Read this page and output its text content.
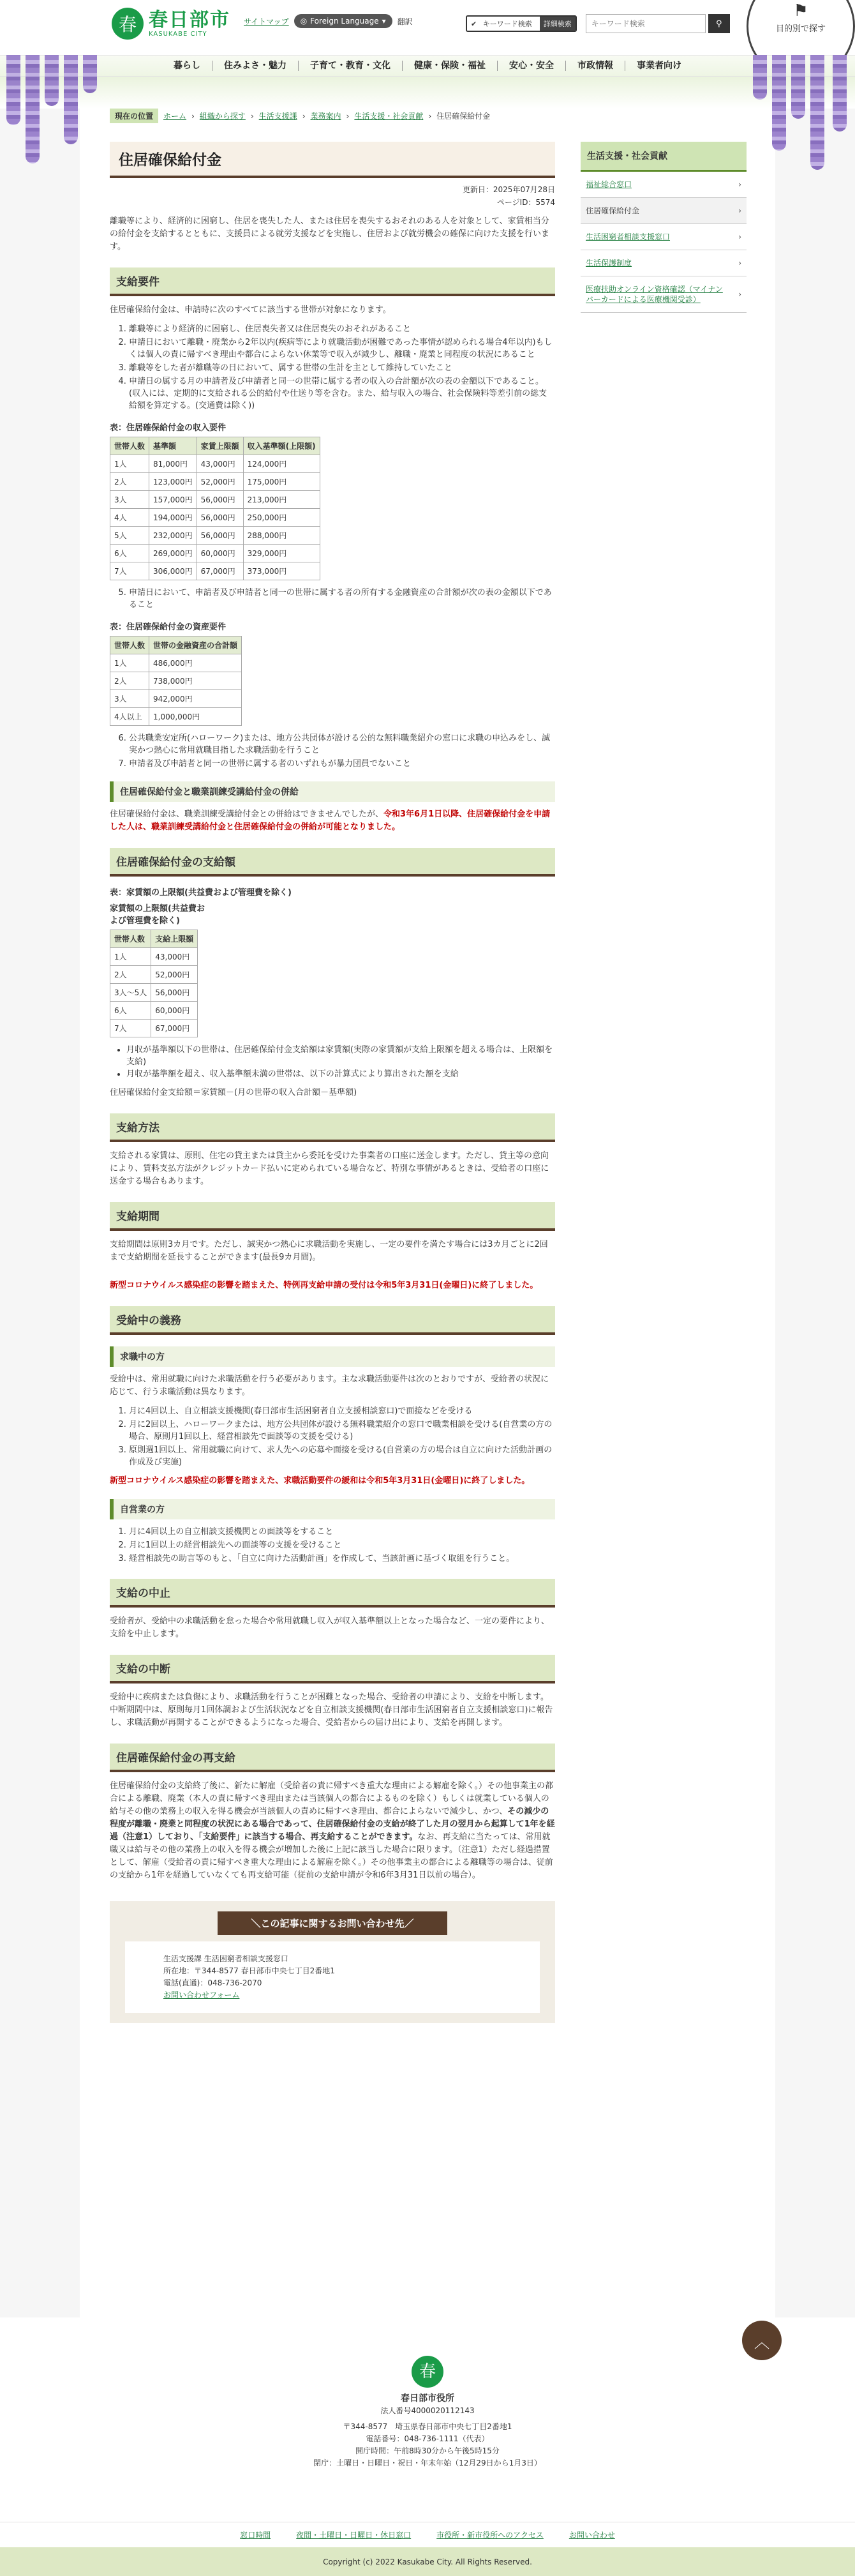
春 春日部市
KASUKABE CITY
サイトマップ ◎ Foreign Language ▾ 翻訳	✔ キーワード検索	詳細検索
キーワード検索	⚲
⚑
目的別で探す
暮らし	住みよさ・魅力	子育て・教育・文化	健康・保険・福祉	安心・安全	市政情報	事業者向け
現在の位置	ホーム › 組織から探す › 生活支援課 › 業務案内 › 生活支援・社会貢献 › 住居確保給付金
住居確保給付金
更新日：2025年07月28日
ページID：5574

離職等により、経済的に困窮し、住居を喪失した人、または住居を喪失するおそれのある人を対象として、家賃相当分の給付金を支給するとともに、支援員による就労支援などを実施し、住居および就労機会の確保に向けた支援を行います。

支給要件

住居確保給付金は、申請時に次のすべてに該当する世帯が対象になります。

1. 離職等により経済的に困窮し、住居喪失者又は住居喪失のおそれがあること
2. 申請日において離職・廃業から2年以内(疾病等により就職活動が困難であった事情が認められる場合4年以内)もしくは個人の責に帰すべき理由や都合によらない休業等で収入が減少し、離職・廃業と同程度の状況にあること
3. 離職等をした者が離職等の日において、属する世帯の生計を主として維持していたこと
4. 申請日の属する月の申請者及び申請者と同一の世帯に属する者の収入の合計額が次の表の金額以下であること。(収入には、定期的に支給される公的給付や仕送り等を含む。また、給与収入の場合、社会保険料等差引前の総支給額を算定する。(交通費は除く))
表：住居確保給付金の収入要件
世帯人数	基準額	家賃上限額	収入基準額(上限額)
1人	81,000円	43,000円	124,000円
2人	123,000円	52,000円	175,000円
3人	157,000円	56,000円	213,000円
4人	194,000円	56,000円	250,000円
5人	232,000円	56,000円	288,000円
6人	269,000円	60,000円	329,000円
7人	306,000円	67,000円	373,000円
5. 申請日において、申請者及び申請者と同一の世帯に属する者の所有する金融資産の合計額が次の表の金額以下であること
表：住居確保給付金の資産要件
世帯人数	世帯の金融資産の合計額
1人	486,000円
2人	738,000円
3人	942,000円
4人以上	1,000,000円
6. 公共職業安定所(ハローワーク)または、地方公共団体が設ける公的な無料職業紹介の窓口に求職の申込みをし、誠実かつ熱心に常用就職目指した求職活動を行うこと
7. 申請者及び申請者と同一の世帯に属する者のいずれもが暴力団員でないこと
住居確保給付金と職業訓練受講給付金の併給

住居確保給付金は、職業訓練受講給付金との併給はできませんでしたが、令和3年6月1日以降、住居確保給付金を申請した人は、職業訓練受講給付金と住居確保給付金の併給が可能となりました。

住居確保給付金の支給額
表：家賃額の上限額(共益費および管理費を除く)
家賃額の上限額(共益費および管理費を除く)
世帯人数	支給上限額
1人	43,000円
2人	52,000円
3人～5人	56,000円
6人	60,000円
7人	67,000円
• 月収が基準額以下の世帯は、住居確保給付金支給額は家賃額(実際の家賃額が支給上限額を超える場合は、上限額を支給)
• 月収が基準額を超え、収入基準額未満の世帯は、以下の計算式により算出された額を支給

住居確保給付金支給額＝家賃額－(月の世帯の収入合計額－基準額)

支給方法

支給される家賃は、原則、住宅の貸主または貸主から委託を受けた事業者の口座に送金します。ただし、貸主等の意向により、賃料支払方法がクレジットカード払いに定められている場合など、特別な事情があるときは、受給者の口座に送金する場合もあります。

支給期間

支給期間は原則3カ月です。ただし、誠実かつ熱心に求職活動を実施し、一定の要件を満たす場合には3カ月ごとに2回まで支給期間を延長することができます(最長9カ月間)。

新型コロナウイルス感染症の影響を踏まえた、特例再支給申請の受付は令和5年3月31日(金曜日)に終了しました。

受給中の義務
求職中の方

受給中は、常用就職に向けた求職活動を行う必要があります。主な求職活動要件は次のとおりですが、受給者の状況に応じて、行う求職活動は異なります。

1. 月に4回以上、自立相談支援機関(春日部市生活困窮者自立支援相談窓口)で面接などを受ける
2. 月に2回以上、ハローワークまたは、地方公共団体が設ける無料職業紹介の窓口で職業相談を受ける(自営業の方の場合、原則月1回以上、経営相談先で面談等の支援を受ける)
3. 原則週1回以上、常用就職に向けて、求人先への応募や面接を受ける(自営業の方の場合は自立に向けた活動計画の作成及び実施)

新型コロナウイルス感染症の影響を踏まえた、求職活動要件の緩和は令和5年3月31日(金曜日)に終了しました。

自営業の方
1. 月に4回以上の自立相談支援機関との面談等をすること
2. 月に1回以上の経営相談先への面談等の支援を受けること
3. 経営相談先の助言等のもと、「自立に向けた活動計画」を作成して、当該計画に基づく取組を行うこと。
支給の中止

受給者が、受給中の求職活動を怠った場合や常用就職し収入が収入基準額以上となった場合など、一定の要件により、支給を中止します。

支給の中断

受給中に疾病または負傷により、求職活動を行うことが困難となった場合、受給者の申請により、支給を中断します。中断期間中は、原則毎月1回体調および生活状況などを自立相談支援機関(春日部市生活困窮者自立支援相談窓口)に報告し、求職活動が再開することができるようになった場合、受給者からの届け出により、支給を再開します。

住居確保給付金の再支給

住居確保給付金の支給終了後に、新たに解雇（受給者の責に帰すべき重大な理由による解雇を除く。）その他事業主の都合による離職、廃業（本人の責に帰すべき理由または当該個人の都合によるものを除く）もしくは就業している個人の給与その他の業務上の収入を得る機会が当該個人の責めに帰すべき理由、都合によらないで減少し、かつ、その減少の程度が離職・廃業と同程度の状況にある場合であって、住居確保給付金の支給が終了した月の翌月から起算して1年を経過（注意1）しており、「支給要件」に該当する場合、再支給することができます。なお、再支給に当たっては、常用就職又は給与その他の業務上の収入を得る機会が増加した後に上記に該当した場合に限ります。（注意1）ただし経過措置として、解雇（受給者の責に帰すべき重大な理由による解雇を除く。）その他事業主の都合による離職等の場合は、従前の支給から1年を経過していなくても再支給可能（従前の支給申請が令和6年3月31日以前の場合）。

＼この記事に関するお問い合わせ先／
生活支援課 生活困窮者相談支援窓口
所在地：〒344-8577 春日部市中央七丁目2番地1
電話(直通)：048-736-2070
お問い合わせフォーム
生活支援・社会貢献
福祉総合窓口	›
住居確保給付金	›
生活困窮者相談支援窓口	›
生活保護制度	›
医療扶助オンライン資格確認（マイナンバーカードによる医療機関受診）
›
︿
春
春日部市役所
法人番号4000020112143
〒344-8577　埼玉県春日部市中央七丁目2番地1
電話番号：048-736-1111（代表）
開庁時間：午前8時30分から午後5時15分
閉庁：土曜日・日曜日・祝日・年末年始（12月29日から1月3日）
窓口時間	夜間・土曜日・日曜日・休日窓口	市役所・新市役所へのアクセス	お問い合わせ
Copyright (c) 2022 Kasukabe City. All Rights Reserved.
